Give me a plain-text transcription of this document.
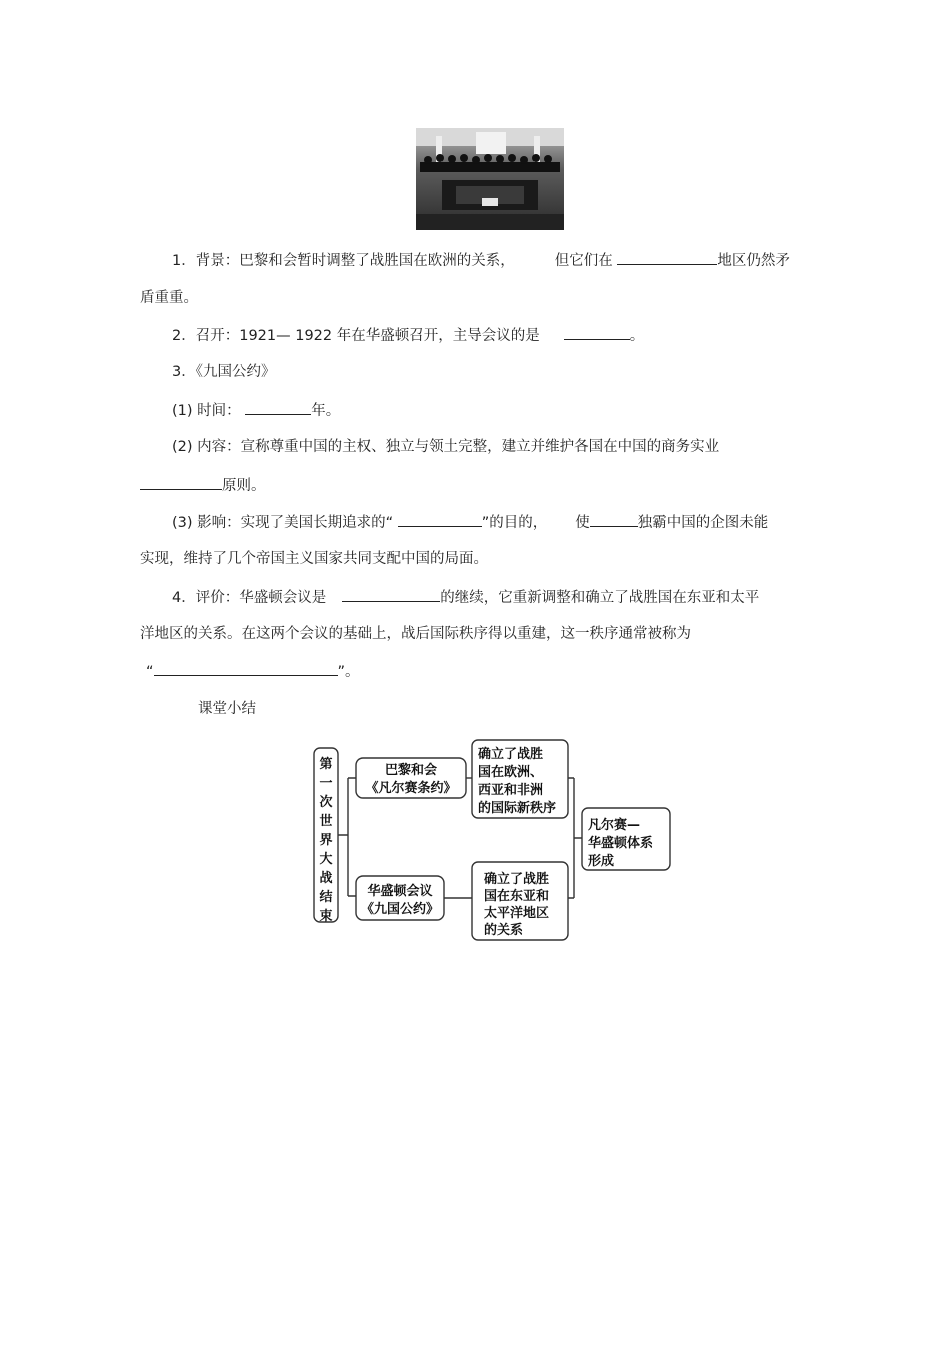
1．背景：巴黎和会暂时调整了战胜国在欧洲的关系，	但它们在	地区仍然矛
盾重重。
2．召开：1921— 1922 年在华盛顿召开，主导会议的是	。
3．《九国公约》
(1) 时间：	年。
(2) 内容：宣称尊重中国的主权、独立与领土完整，建立并维护各国在中国的商务实业
原则。
(3) 影响：实现了美国长期追求的“	”的目的， 使	独霸中国的企图未能
实现，维持了几个帝国主义国家共同支配中国的局面。
4．评价：华盛顿会议是	的继续，它重新调整和确立了战胜国在东亚和太平
洋地区的关系。在这两个会议的基础上，战后国际秩序得以重建，这一秩序通常被称为
“	”。
课堂小结
第
一
次
世
界
大
战
结
束
巴黎和会
《凡尔赛条约》
华盛顿会议
《九国公约》
确立了战胜
国在欧洲、
西亚和非洲
的国际新秩序
确立了战胜
国在东亚和
太平洋地区
的关系
凡尔赛—
华盛顿体系
形成
